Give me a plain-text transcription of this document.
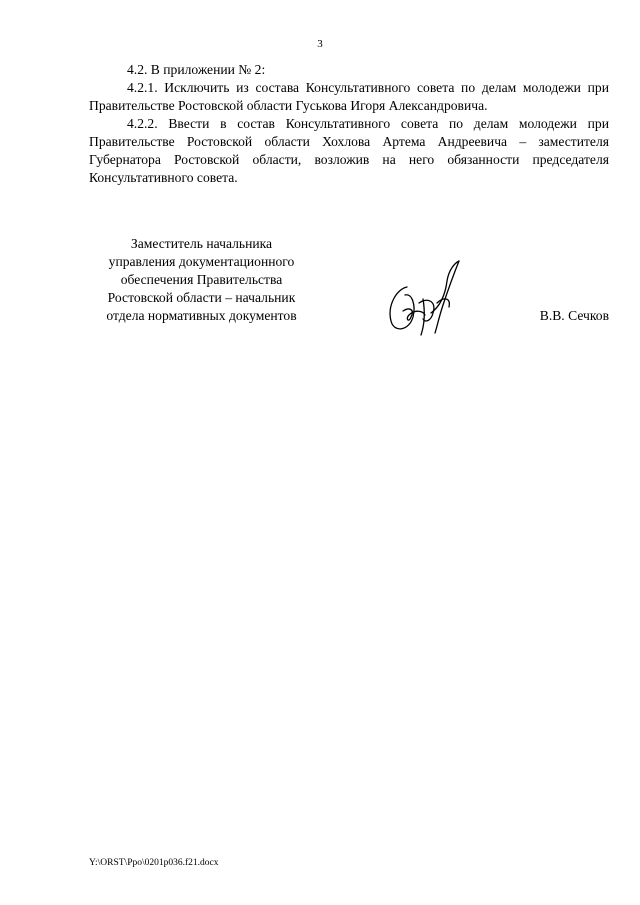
3

4.2. В приложении № 2:

4.2.1. Исключить из состава Консультативного совета по делам молодежи при Правительстве Ростовской области Гуськова Игоря Александровича.

4.2.2. Ввести в состав Консультативного совета по делам молодежи при Правительстве Ростовской области Хохлова Артема Андреевича – заместителя Губернатора Ростовской области, возложив на него обязанности председателя Консультативного совета.

Заместитель начальника
управления документационного
обеспечения Правительства
Ростовской области – начальник
отдела нормативных документов	В.В. Сечков
Y:\ORST\Ppo\0201p036.f21.docx
